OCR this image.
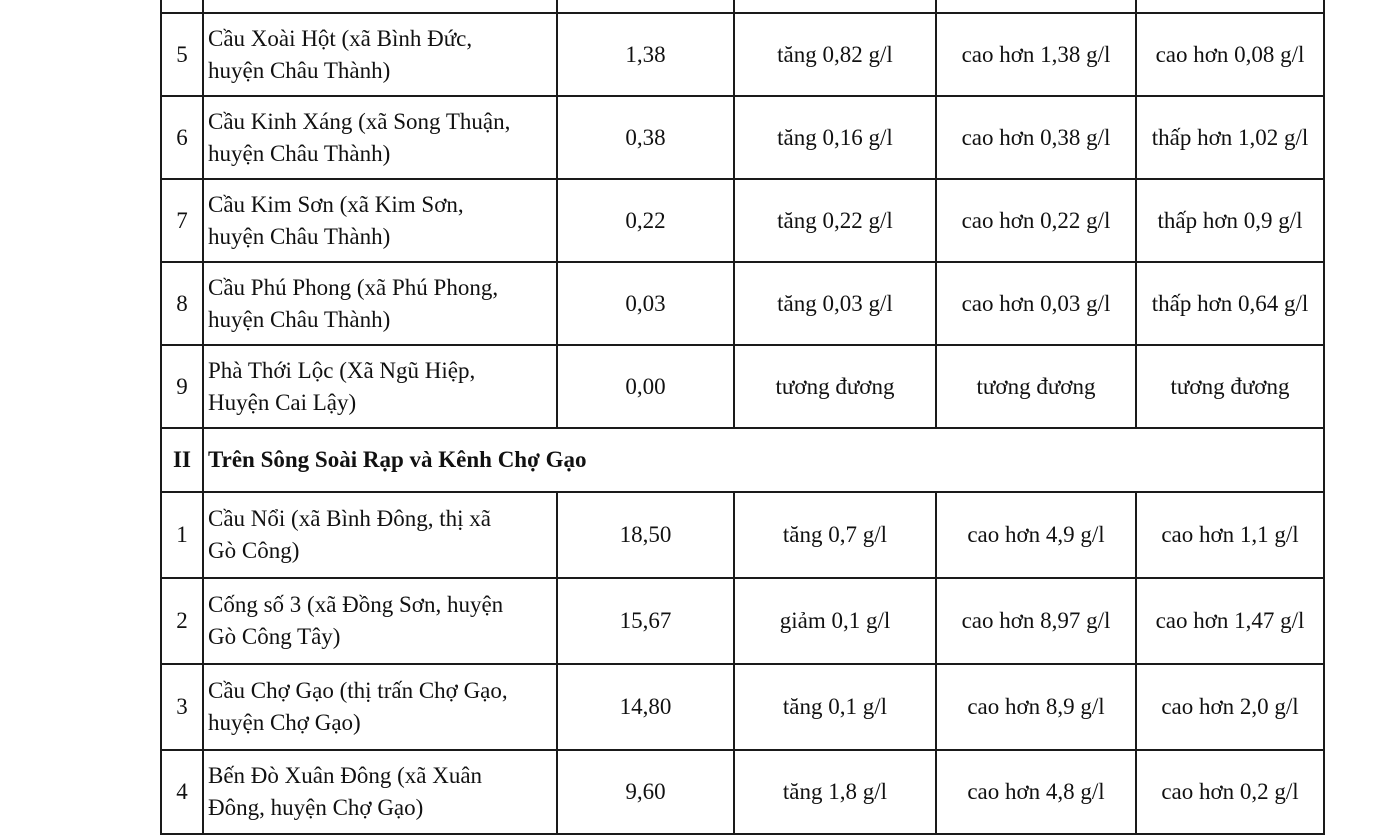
5	Cầu Xoài Hột (xã Bình Đức,
huyện Châu Thành)	1,38	tăng 0,82 g/l	cao hơn 1,38 g/l	cao hơn 0,08 g/l
6	Cầu Kinh Xáng (xã Song Thuận,
huyện Châu Thành)	0,38	tăng 0,16 g/l	cao hơn 0,38 g/l	thấp hơn 1,02 g/l
7	Cầu Kim Sơn (xã Kim Sơn,
huyện Châu Thành)	0,22	tăng 0,22 g/l	cao hơn 0,22 g/l	thấp hơn 0,9 g/l
8	Cầu Phú Phong (xã Phú Phong,
huyện Châu Thành)	0,03	tăng 0,03 g/l	cao hơn 0,03 g/l	thấp hơn 0,64 g/l
9	Phà Thới Lộc (Xã Ngũ Hiệp,
Huyện Cai Lậy)	0,00	tương đương	tương đương	tương đương
II	Trên Sông Soài Rạp và Kênh Chợ Gạo				
1	Cầu Nổi (xã Bình Đông, thị xã
Gò Công)	18,50	tăng 0,7 g/l	cao hơn 4,9 g/l	cao hơn 1,1 g/l
2	Cống số 3 (xã Đồng Sơn, huyện
Gò Công Tây)	15,67	giảm 0,1 g/l	cao hơn 8,97 g/l	cao hơn 1,47 g/l
3	Cầu Chợ Gạo (thị trấn Chợ Gạo,
huyện Chợ Gạo)	14,80	tăng 0,1 g/l	cao hơn 8,9 g/l	cao hơn 2,0 g/l
4	Bến Đò Xuân Đông (xã Xuân
Đông, huyện Chợ Gạo)	9,60	tăng 1,8 g/l	cao hơn 4,8 g/l	cao hơn 0,2 g/l
